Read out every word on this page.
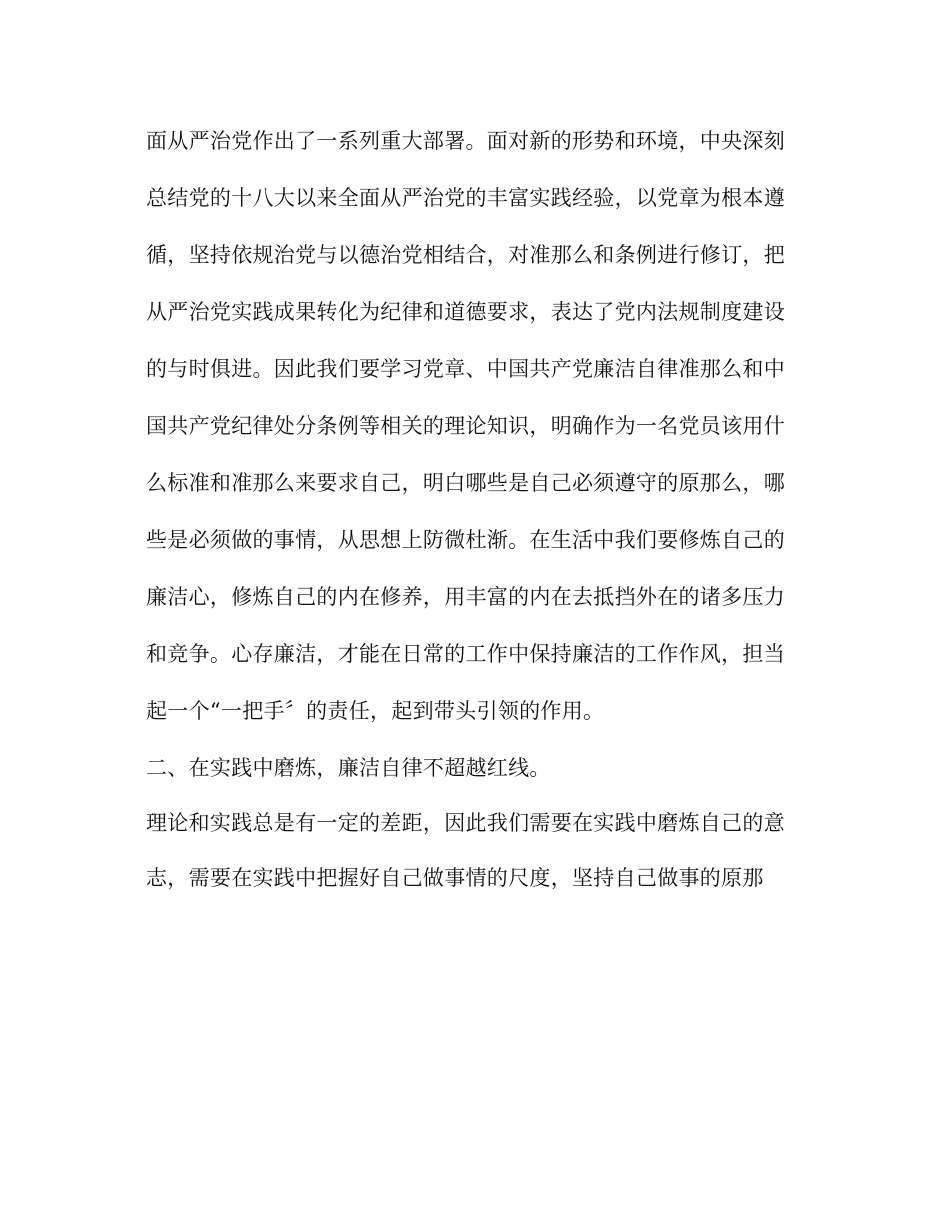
面从严治党作出了一系列重大部署。面对新的形势和环境，中央深刻
总结党的十八大以来全面从严治党的丰富实践经验，以党章为根本遵
循，坚持依规治党与以德治党相结合，对准那么和条例进行修订，把
从严治党实践成果转化为纪律和道德要求，表达了党内法规制度建设
的与时俱进。因此我们要学习党章、中国共产党廉洁自律准那么和中
国共产党纪律处分条例等相关的理论知识，明确作为一名党员该用什
么标准和准那么来要求自己，明白哪些是自己必须遵守的原那么，哪
些是必须做的事情，从思想上防微杜渐。在生活中我们要修炼自己的
廉洁心，修炼自己的内在修养，用丰富的内在去抵挡外在的诸多压力
和竞争。心存廉洁，才能在日常的工作中保持廉洁的工作作风，担当
起一个“一把手〞的责任，起到带头引领的作用。
二、在实践中磨炼，廉洁自律不超越红线。
理论和实践总是有一定的差距，因此我们需要在实践中磨炼自己的意
志，需要在实践中把握好自己做事情的尺度，坚持自己做事的原那
